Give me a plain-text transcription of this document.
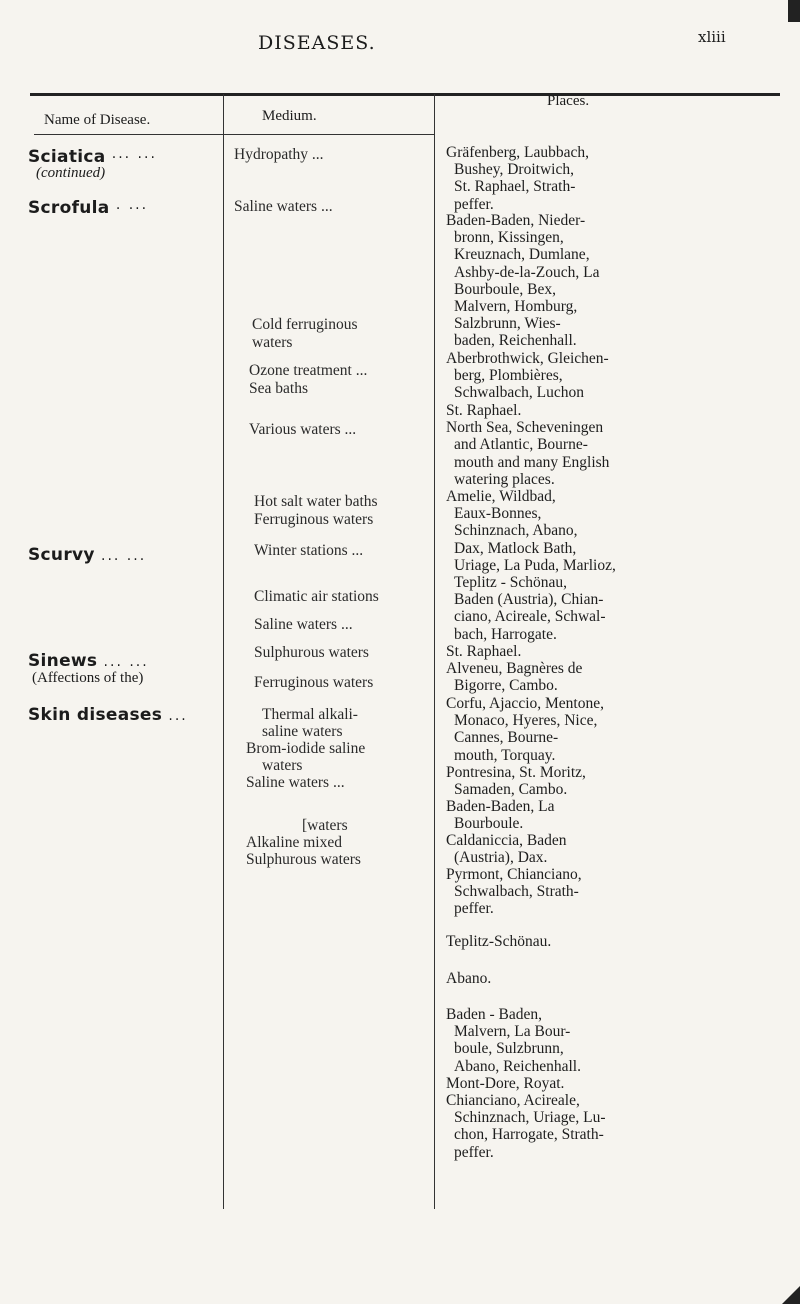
DISEASES.	xliii
Name of Disease.	Medium.
Places.
Sciatica ··· ···
(continued)
Scrofula · ···
Scurvy ... ...
Sinews ... ...
(Affections of the)
Skin diseases ...
Hydropathy ...
Saline waters ...
Cold ferruginous
waters
Ozone treatment ...
Sea baths
Various waters ...
Hot salt water baths
Ferruginous waters
Winter stations ...
Climatic air stations
Saline waters ...
Sulphurous waters
Ferruginous waters
Thermal alkali-
saline waters
Brom-iodide saline
waters
Saline waters ...
[waters
Alkaline mixed
Sulphurous waters
Gräfenberg, Laubbach,
Bushey, Droitwich,
St. Raphael, Strath-
peffer.
Baden-Baden, Nieder-
bronn, Kissingen,
Kreuznach, Dumlane,
Ashby-de-la-Zouch, La
Bourboule, Bex,
Malvern, Homburg,
Salzbrunn, Wies-
baden, Reichenhall.
Aberbrothwick, Gleichen-
berg, Plombières,
Schwalbach, Luchon
St. Raphael.
North Sea, Scheveningen
and Atlantic, Bourne-
mouth and many English
watering places.
Amelie, Wildbad,
Eaux-Bonnes,
Schinznach, Abano,
Dax, Matlock Bath,
Uriage, La Puda, Marlioz,
Teplitz - Schönau,
Baden (Austria), Chian-
ciano, Acireale, Schwal-
bach, Harrogate.
St. Raphael.
Alveneu, Bagnères de
Bigorre, Cambo.
Corfu, Ajaccio, Mentone,
Monaco, Hyeres, Nice,
Cannes, Bourne-
mouth, Torquay.
Pontresina, St. Moritz,
Samaden, Cambo.
Baden-Baden, La
Bourboule.
Caldaniccia, Baden
(Austria), Dax.
Pyrmont, Chianciano,
Schwalbach, Strath-
peffer.
Teplitz-Schönau.
Abano.
Baden - Baden,
Malvern, La Bour-
boule, Sulzbrunn,
Abano, Reichenhall.
Mont-Dore, Royat.
Chianciano, Acireale,
Schinznach, Uriage, Lu-
chon, Harrogate, Strath-
peffer.
